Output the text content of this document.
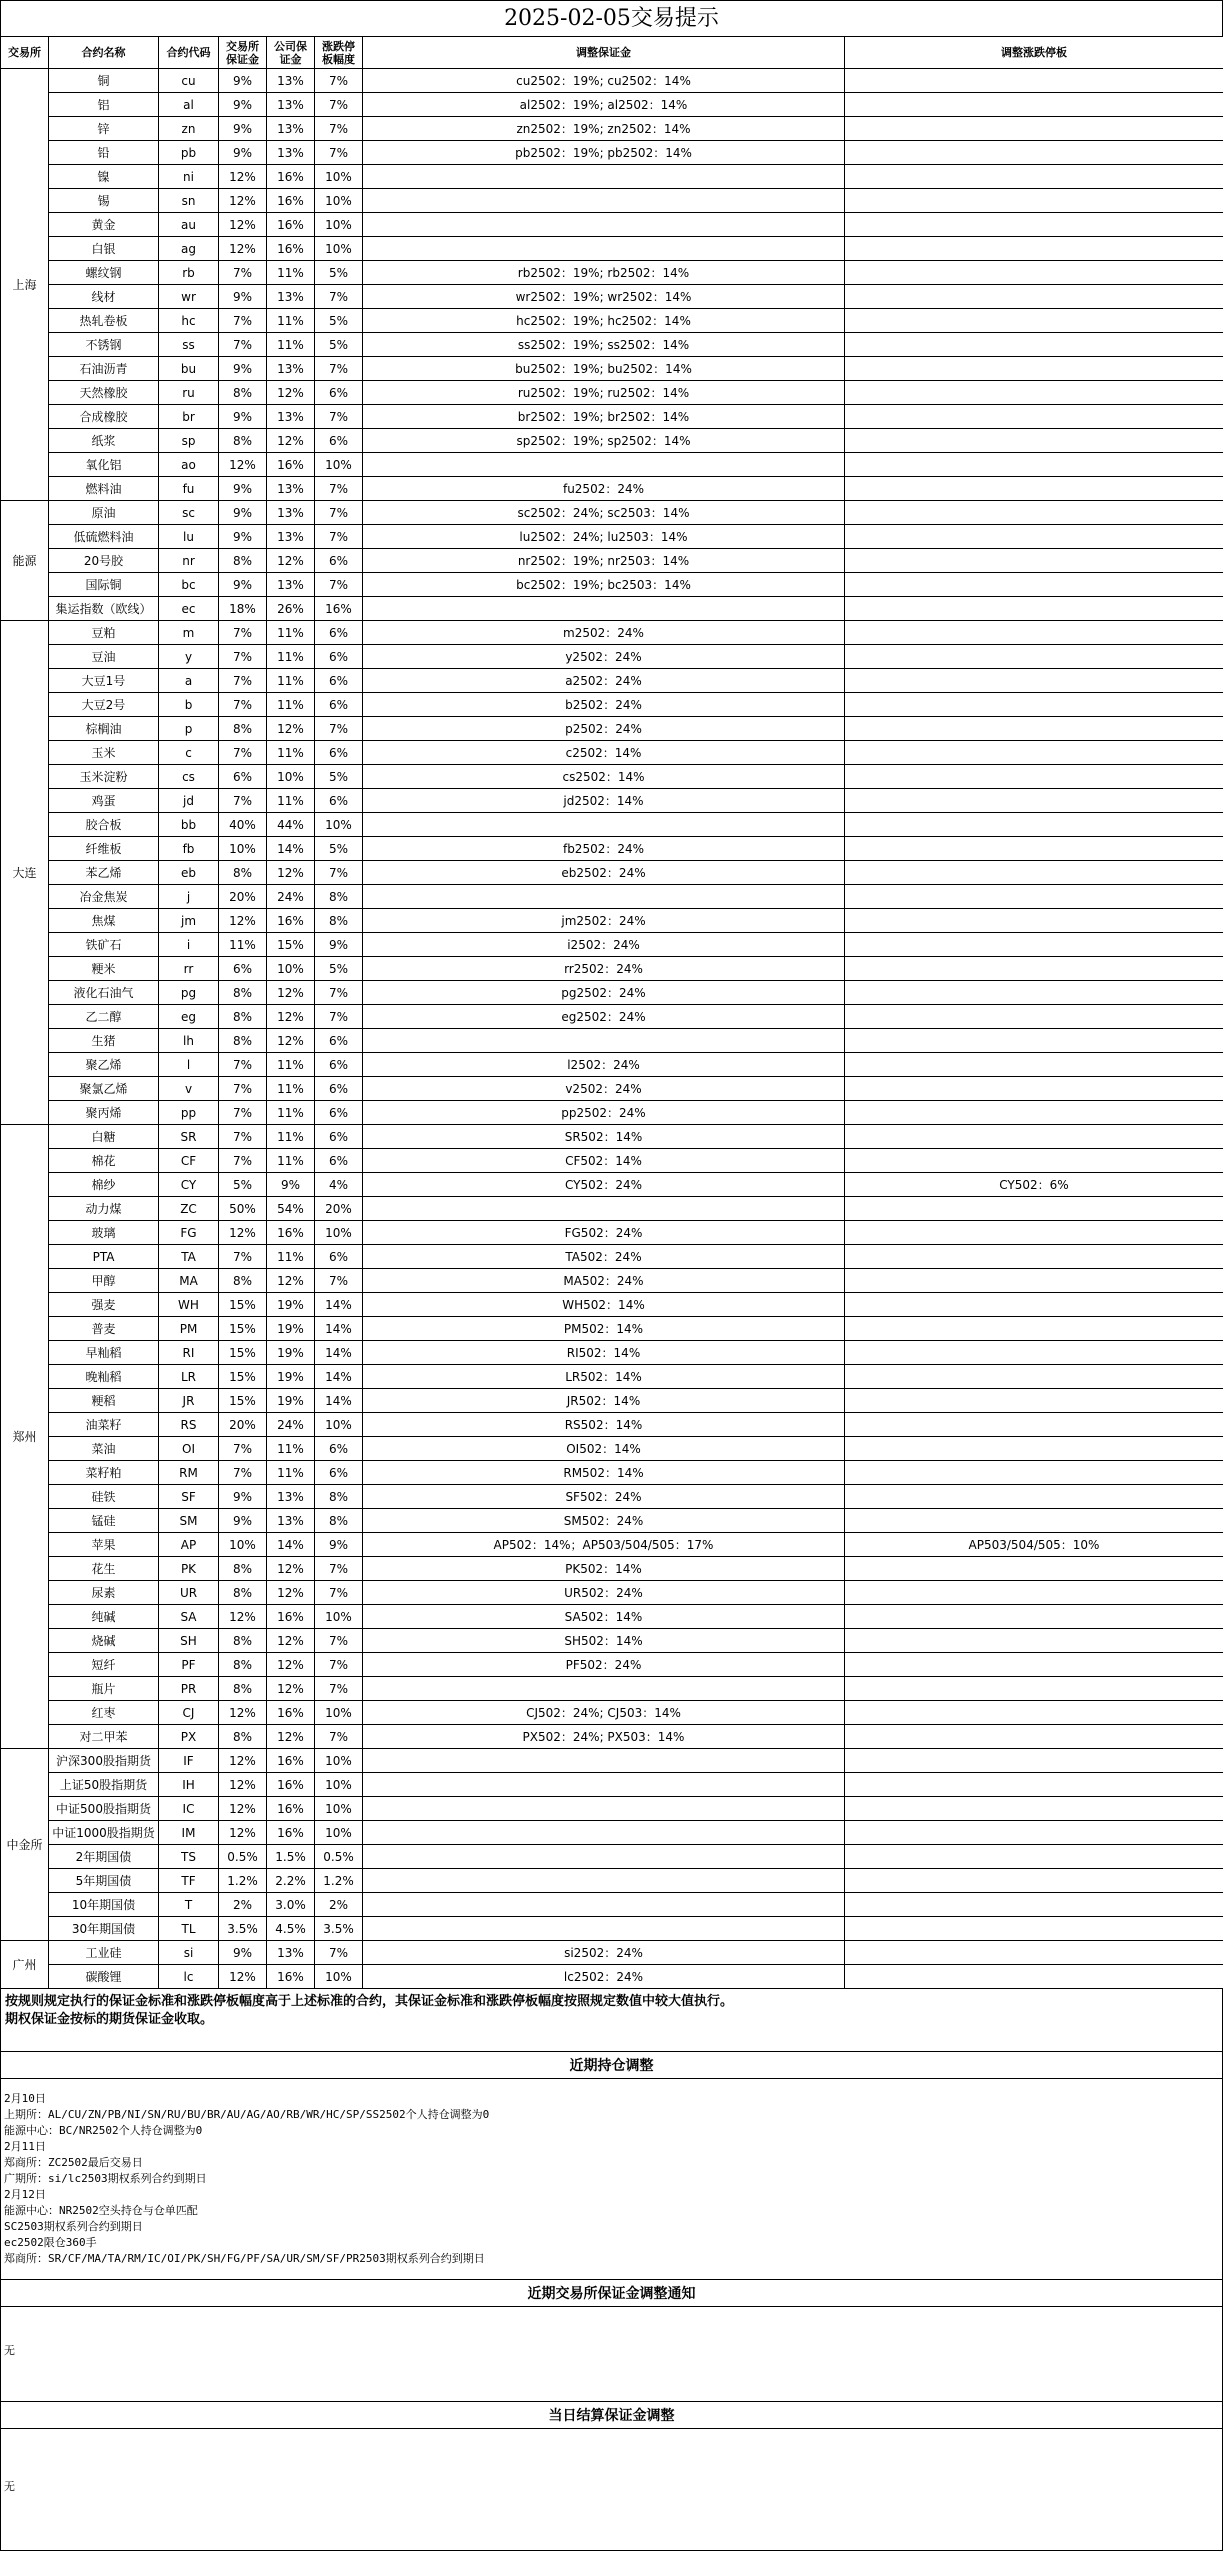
2025-02-05交易提示
交易所	合约名称	合约代码	交易所保证金	公司保证金	涨跌停板幅度	调整保证金	调整涨跌停板
上海	铜	cu	9%	13%	7%	cu2502：19%; cu2502：14%	
	铝	al	9%	13%	7%	al2502：19%; al2502：14%	
	锌	zn	9%	13%	7%	zn2502：19%; zn2502：14%	
	铅	pb	9%	13%	7%	pb2502：19%; pb2502：14%	
	镍	ni	12%	16%	10%		
	锡	sn	12%	16%	10%		
	黄金	au	12%	16%	10%		
	白银	ag	12%	16%	10%		
	螺纹钢	rb	7%	11%	5%	rb2502：19%; rb2502：14%	
	线材	wr	9%	13%	7%	wr2502：19%; wr2502：14%	
	热轧卷板	hc	7%	11%	5%	hc2502：19%; hc2502：14%	
	不锈钢	ss	7%	11%	5%	ss2502：19%; ss2502：14%	
	石油沥青	bu	9%	13%	7%	bu2502：19%; bu2502：14%	
	天然橡胶	ru	8%	12%	6%	ru2502：19%; ru2502：14%	
	合成橡胶	br	9%	13%	7%	br2502：19%; br2502：14%	
	纸浆	sp	8%	12%	6%	sp2502：19%; sp2502：14%	
	氧化铝	ao	12%	16%	10%		
	燃料油	fu	9%	13%	7%	fu2502：24%	
能源	原油	sc	9%	13%	7%	sc2502：24%; sc2503：14%	
	低硫燃料油	lu	9%	13%	7%	lu2502：24%; lu2503：14%	
	20号胶	nr	8%	12%	6%	nr2502：19%; nr2503：14%	
	国际铜	bc	9%	13%	7%	bc2502：19%; bc2503：14%	
	集运指数（欧线）	ec	18%	26%	16%		
大连	豆粕	m	7%	11%	6%	m2502：24%	
	豆油	y	7%	11%	6%	y2502：24%	
	大豆1号	a	7%	11%	6%	a2502：24%	
	大豆2号	b	7%	11%	6%	b2502：24%	
	棕榈油	p	8%	12%	7%	p2502：24%	
	玉米	c	7%	11%	6%	c2502：14%	
	玉米淀粉	cs	6%	10%	5%	cs2502：14%	
	鸡蛋	jd	7%	11%	6%	jd2502：14%	
	胶合板	bb	40%	44%	10%		
	纤维板	fb	10%	14%	5%	fb2502：24%	
	苯乙烯	eb	8%	12%	7%	eb2502：24%	
	冶金焦炭	j	20%	24%	8%		
	焦煤	jm	12%	16%	8%	jm2502：24%	
	铁矿石	i	11%	15%	9%	i2502：24%	
	粳米	rr	6%	10%	5%	rr2502：24%	
	液化石油气	pg	8%	12%	7%	pg2502：24%	
	乙二醇	eg	8%	12%	7%	eg2502：24%	
	生猪	lh	8%	12%	6%		
	聚乙烯	l	7%	11%	6%	l2502：24%	
	聚氯乙烯	v	7%	11%	6%	v2502：24%	
	聚丙烯	pp	7%	11%	6%	pp2502：24%	
郑州	白糖	SR	7%	11%	6%	SR502：14%	
	棉花	CF	7%	11%	6%	CF502：14%	
	棉纱	CY	5%	9%	4%	CY502：24%	CY502：6%
	动力煤	ZC	50%	54%	20%		
	玻璃	FG	12%	16%	10%	FG502：24%	
	PTA	TA	7%	11%	6%	TA502：24%	
	甲醇	MA	8%	12%	7%	MA502：24%	
	强麦	WH	15%	19%	14%	WH502：14%	
	普麦	PM	15%	19%	14%	PM502：14%	
	早籼稻	RI	15%	19%	14%	RI502：14%	
	晚籼稻	LR	15%	19%	14%	LR502：14%	
	粳稻	JR	15%	19%	14%	JR502：14%	
	油菜籽	RS	20%	24%	10%	RS502：14%	
	菜油	OI	7%	11%	6%	OI502：14%	
	菜籽粕	RM	7%	11%	6%	RM502：14%	
	硅铁	SF	9%	13%	8%	SF502：24%	
	锰硅	SM	9%	13%	8%	SM502：24%	
	苹果	AP	10%	14%	9%	AP502：14%；AP503/504/505：17%	AP503/504/505：10%
	花生	PK	8%	12%	7%	PK502：14%	
	尿素	UR	8%	12%	7%	UR502：24%	
	纯碱	SA	12%	16%	10%	SA502：14%	
	烧碱	SH	8%	12%	7%	SH502：14%	
	短纤	PF	8%	12%	7%	PF502：24%	
	瓶片	PR	8%	12%	7%		
	红枣	CJ	12%	16%	10%	CJ502：24%; CJ503：14%	
	对二甲苯	PX	8%	12%	7%	PX502：24%; PX503：14%	
中金所	沪深300股指期货	IF	12%	16%	10%		
	上证50股指期货	IH	12%	16%	10%		
	中证500股指期货	IC	12%	16%	10%		
	中证1000股指期货	IM	12%	16%	10%		
	2年期国债	TS	0.5%	1.5%	0.5%		
	5年期国债	TF	1.2%	2.2%	1.2%		
	10年期国债	T	2%	3.0%	2%		
	30年期国债	TL	3.5%	4.5%	3.5%		
广州	工业硅	si	9%	13%	7%	si2502：24%	
	碳酸锂	lc	12%	16%	10%	lc2502：24%	
按规则规定执行的保证金标准和涨跌停板幅度高于上述标准的合约，其保证金标准和涨跌停板幅度按照规定数值中较大值执行。
期权保证金按标的期货保证金收取。
近期持仓调整
2月10日
上期所：AL/CU/ZN/PB/NI/SN/RU/BU/BR/AU/AG/AO/RB/WR/HC/SP/SS2502个人持仓调整为0
能源中心：BC/NR2502个人持仓调整为0
2月11日
郑商所：ZC2502最后交易日
广期所：si/lc2503期权系列合约到期日
2月12日
能源中心：NR2502空头持仓与仓单匹配
SC2503期权系列合约到期日
ec2502限仓360手
郑商所：SR/CF/MA/TA/RM/IC/OI/PK/SH/FG/PF/SA/UR/SM/SF/PR2503期权系列合约到期日
近期交易所保证金调整通知
无
当日结算保证金调整
无
